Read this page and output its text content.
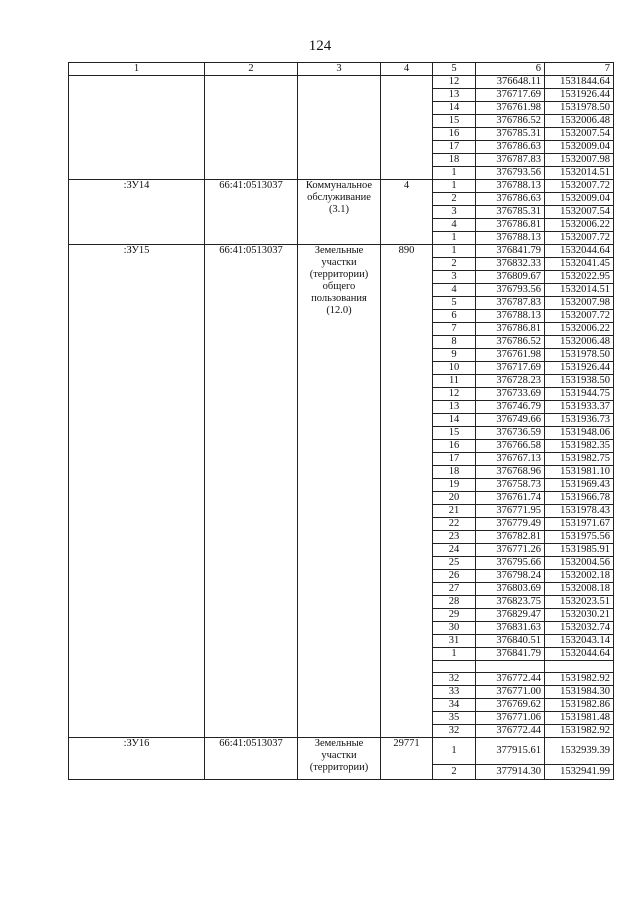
124
1	2	3	4	5	6	7
				12	376648.11	1531844.64
				13	376717.69	1531926.44
				14	376761.98	1531978.50
				15	376786.52	1532006.48
				16	376785.31	1532007.54
				17	376786.63	1532009.04
				18	376787.83	1532007.98
				1	376793.56	1532014.51
:ЗУ14	66:41:0513037	Коммунальное обслуживание (3.1)	4	1	376788.13	1532007.72
				2	376786.63	1532009.04
				3	376785.31	1532007.54
				4	376786.81	1532006.22
				1	376788.13	1532007.72
:ЗУ15	66:41:0513037	Земельные участки (территории) общего пользования (12.0)	890	1	376841.79	1532044.64
				2	376832.33	1532041.45
				3	376809.67	1532022.95
				4	376793.56	1532014.51
				5	376787.83	1532007.98
				6	376788.13	1532007.72
				7	376786.81	1532006.22
				8	376786.52	1532006.48
				9	376761.98	1531978.50
				10	376717.69	1531926.44
				11	376728.23	1531938.50
				12	376733.69	1531944.75
				13	376746.79	1531933.37
				14	376749.66	1531936.73
				15	376736.59	1531948.06
				16	376766.58	1531982.35
				17	376767.13	1531982.75
				18	376768.96	1531981.10
				19	376758.73	1531969.43
				20	376761.74	1531966.78
				21	376771.95	1531978.43
				22	376779.49	1531971.67
				23	376782.81	1531975.56
				24	376771.26	1531985.91
				25	376795.66	1532004.56
				26	376798.24	1532002.18
				27	376803.69	1532008.18
				28	376823.75	1532023.51
				29	376829.47	1532030.21
				30	376831.63	1532032.74
				31	376840.51	1532043.14
				1	376841.79	1532044.64

				32	376772.44	1531982.92
				33	376771.00	1531984.30
				34	376769.62	1531982.86
				35	376771.06	1531981.48
				32	376772.44	1531982.92
:ЗУ16	66:41:0513037	Земельные участки (территории)	29771	1	377915.61	1532939.39
				2	377914.30	1532941.99
